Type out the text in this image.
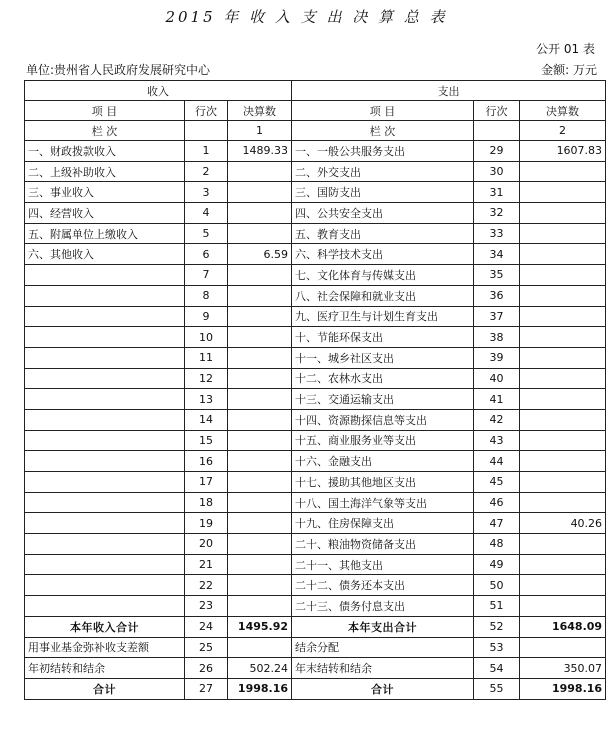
2015 年 收 入 支 出 决 算 总 表
公开 01 表
单位:贵州省人民政府发展研究中心	金额: 万元
收入			支出		
项 目	行次	决算数	项 目	行次	决算数
栏 次		1	栏 次		2
一、财政拨款收入	1	1489.33	一、一般公共服务支出	29	1607.83
二、上级补助收入	2		二、外交支出	30	
三、事业收入	3		三、国防支出	31	
四、经营收入	4		四、公共安全支出	32	
五、附属单位上缴收入	5		五、教育支出	33	
六、其他收入	6	6.59	六、科学技术支出	34	
	7		七、文化体育与传媒支出	35	
	8		八、社会保障和就业支出	36	
	9		九、医疗卫生与计划生育支出	37	
	10		十、节能环保支出	38	
	11		十一、城乡社区支出	39	
	12		十二、农林水支出	40	
	13		十三、交通运输支出	41	
	14		十四、资源勘探信息等支出	42	
	15		十五、商业服务业等支出	43	
	16		十六、金融支出	44	
	17		十七、援助其他地区支出	45	
	18		十八、国土海洋气象等支出	46	
	19		十九、住房保障支出	47	40.26
	20		二十、粮油物资储备支出	48	
	21		二十一、其他支出	49	
	22		二十二、债务还本支出	50	
	23		二十三、债务付息支出	51	
本年收入合计	24	1495.92	本年支出合计	52	1648.09
用事业基金弥补收支差额	25		结余分配	53	
年初结转和结余	26	502.24	年末结转和结余	54	350.07
合计	27	1998.16	合计	55	1998.16
